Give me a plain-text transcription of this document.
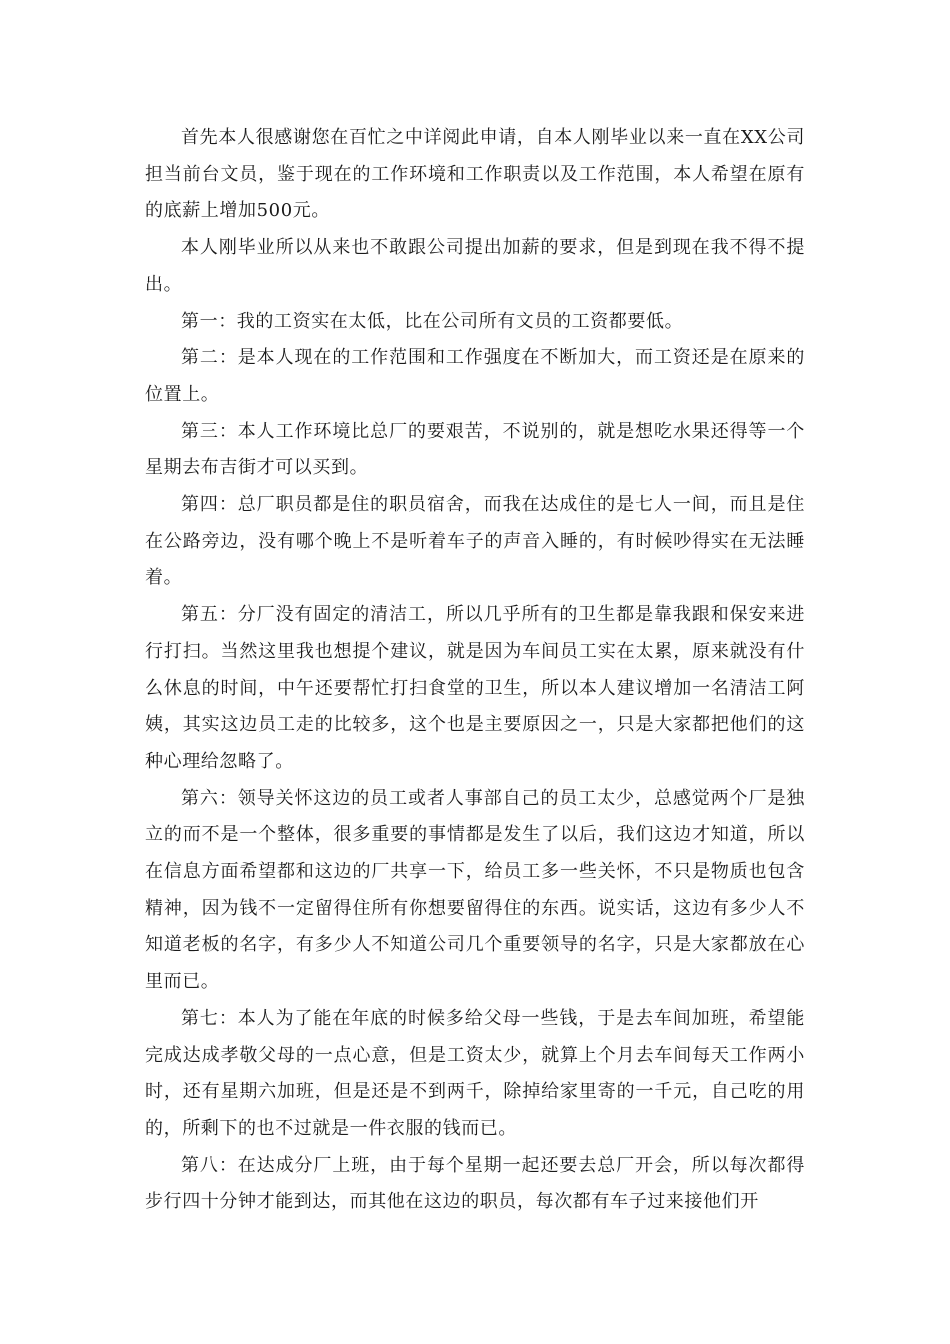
首先本人很感谢您在百忙之中详阅此申请，自本人刚毕业以来一直在XX公司担当前台文员，鉴于现在的工作环境和工作职责以及工作范围，本人希望在原有的底薪上增加500元。

本人刚毕业所以从来也不敢跟公司提出加薪的要求，但是到现在我不得不提出。

第一：我的工资实在太低，比在公司所有文员的工资都要低。

第二：是本人现在的工作范围和工作强度在不断加大，而工资还是在原来的位置上。

第三：本人工作环境比总厂的要艰苦，不说别的，就是想吃水果还得等一个星期去布吉街才可以买到。

第四：总厂职员都是住的职员宿舍，而我在达成住的是七人一间，而且是住在公路旁边，没有哪个晚上不是听着车子的声音入睡的，有时候吵得实在无法睡着。

第五：分厂没有固定的清洁工，所以几乎所有的卫生都是靠我跟和保安来进行打扫。当然这里我也想提个建议，就是因为车间员工实在太累，原来就没有什么休息的时间，中午还要帮忙打扫食堂的卫生，所以本人建议增加一名清洁工阿姨，其实这边员工走的比较多，这个也是主要原因之一，只是大家都把他们的这种心理给忽略了。

第六：领导关怀这边的员工或者人事部自己的员工太少，总感觉两个厂是独立的而不是一个整体，很多重要的事情都是发生了以后，我们这边才知道，所以在信息方面希望都和这边的厂共享一下，给员工多一些关怀，不只是物质也包含精神，因为钱不一定留得住所有你想要留得住的东西。说实话，这边有多少人不知道老板的名字，有多少人不知道公司几个重要领导的名字，只是大家都放在心里而已。

第七：本人为了能在年底的时候多给父母一些钱，于是去车间加班，希望能完成达成孝敬父母的一点心意，但是工资太少，就算上个月去车间每天工作两小时，还有星期六加班，但是还是不到两千，除掉给家里寄的一千元，自己吃的用的，所剩下的也不过就是一件衣服的钱而已。

第八：在达成分厂上班，由于每个星期一起还要去总厂开会，所以每次都得步行四十分钟才能到达，而其他在这边的职员，每次都有车子过来接他们开
